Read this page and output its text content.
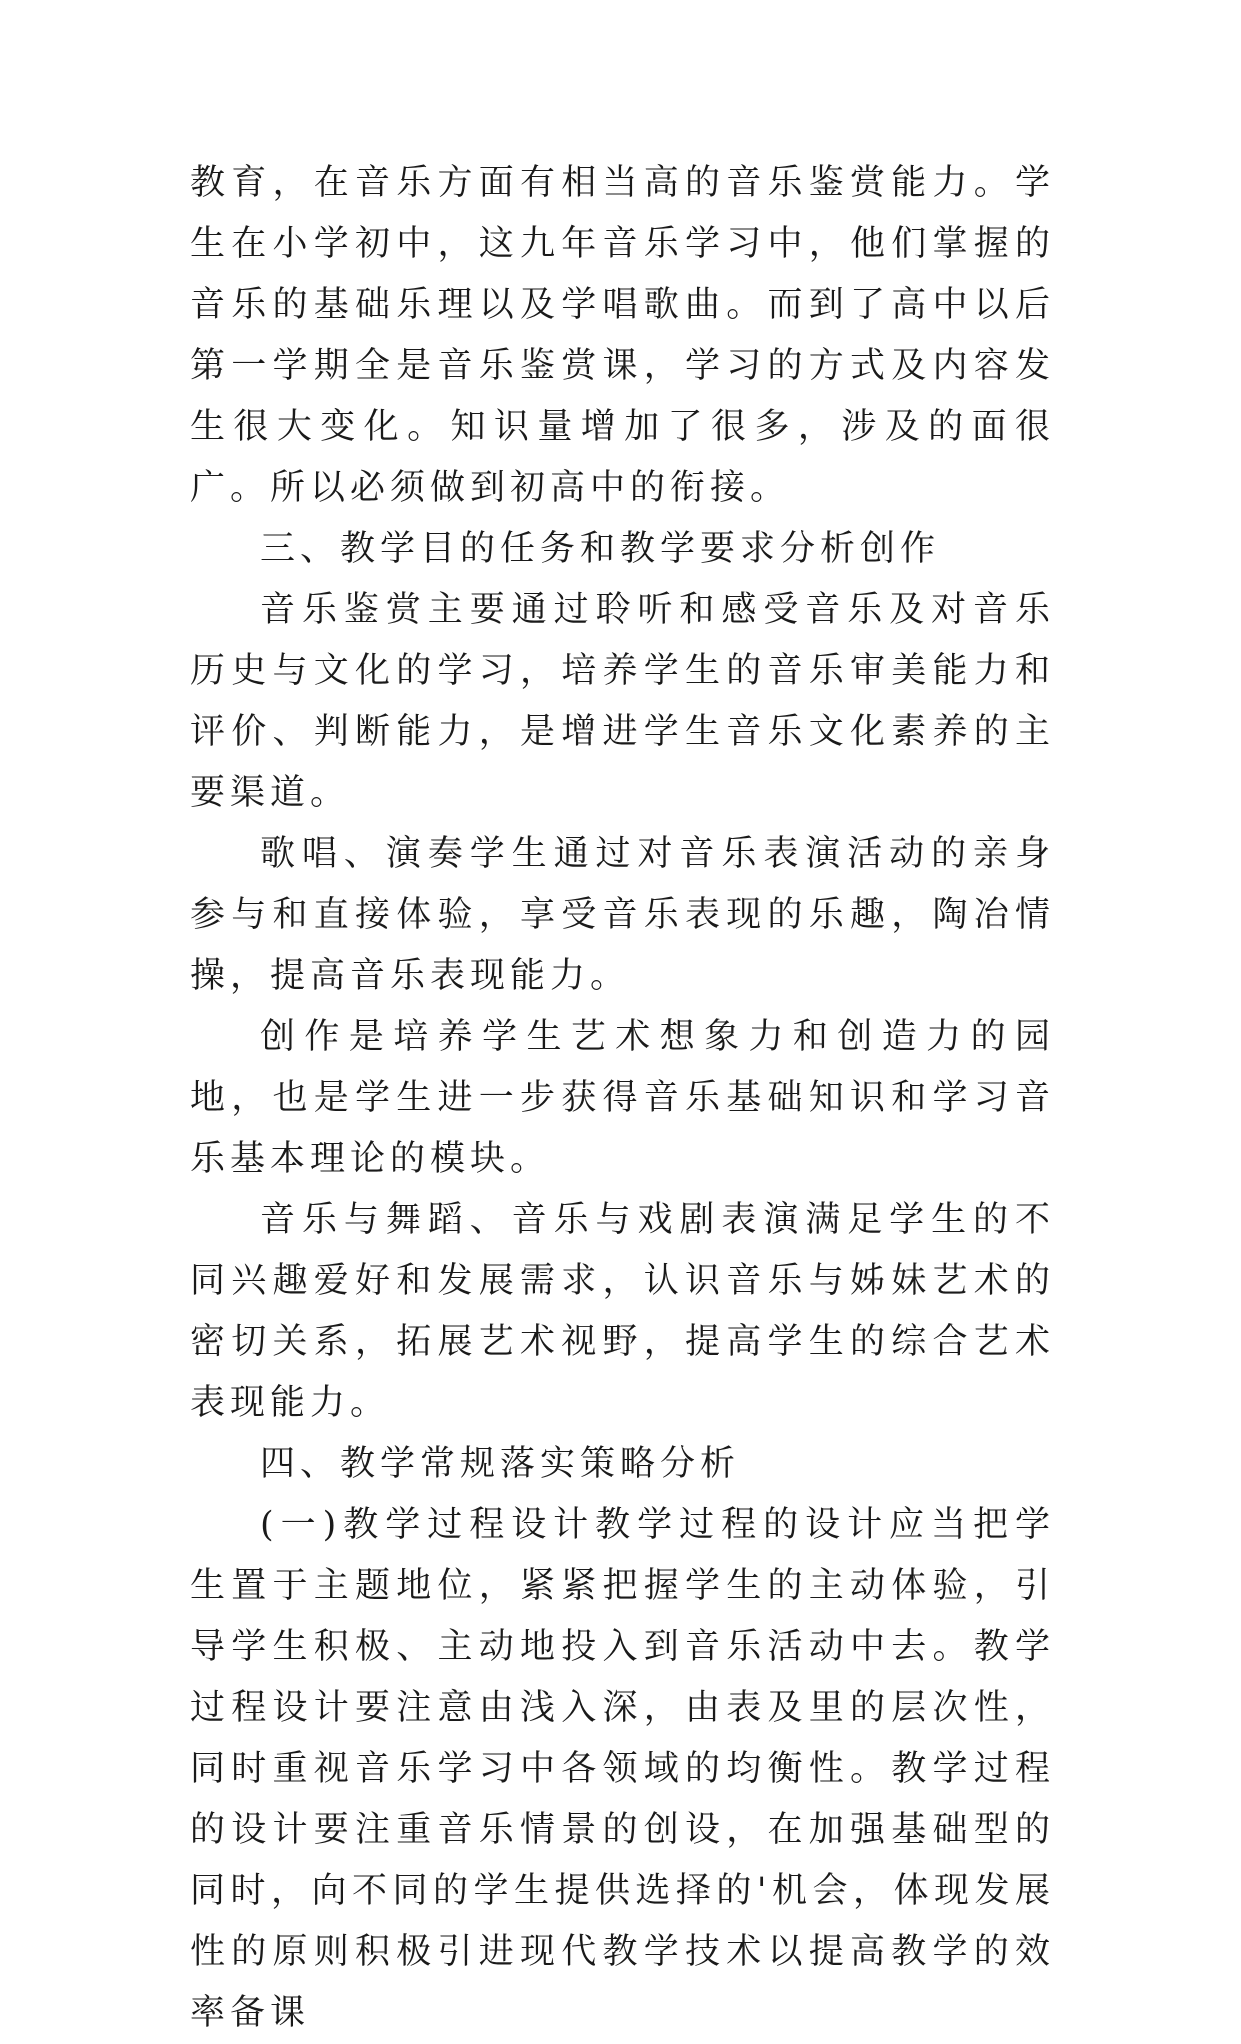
教育，在音乐方面有相当高的音乐鉴赏能力。学生在小学初中，这九年音乐学习中，他们掌握的音乐的基础乐理以及学唱歌曲。而到了高中以后第一学期全是音乐鉴赏课，学习的方式及内容发生很大变化。知识量增加了很多，涉及的面很广。所以必须做到初高中的衔接。

三、教学目的任务和教学要求分析创作

音乐鉴赏主要通过聆听和感受音乐及对音乐历史与文化的学习，培养学生的音乐审美能力和评价、判断能力，是增进学生音乐文化素养的主要渠道。

歌唱、演奏学生通过对音乐表演活动的亲身参与和直接体验，享受音乐表现的乐趣，陶冶情操，提高音乐表现能力。

创作是培养学生艺术想象力和创造力的园地，也是学生进一步获得音乐基础知识和学习音乐基本理论的模块。

音乐与舞蹈、音乐与戏剧表演满足学生的不同兴趣爱好和发展需求，认识音乐与姊妹艺术的密切关系，拓展艺术视野，提高学生的综合艺术表现能力。

四、教学常规落实策略分析

(一)教学过程设计教学过程的设计应当把学生置于主题地位，紧紧把握学生的主动体验，引导学生积极、主动地投入到音乐活动中去。教学过程设计要注意由浅入深，由表及里的层次性，同时重视音乐学习中各领域的均衡性。教学过程的设计要注重音乐情景的创设，在加强基础型的同时，向不同的学生提供选择的'机会，体现发展性的原则积极引进现代教学技术以提高教学的效率备课
